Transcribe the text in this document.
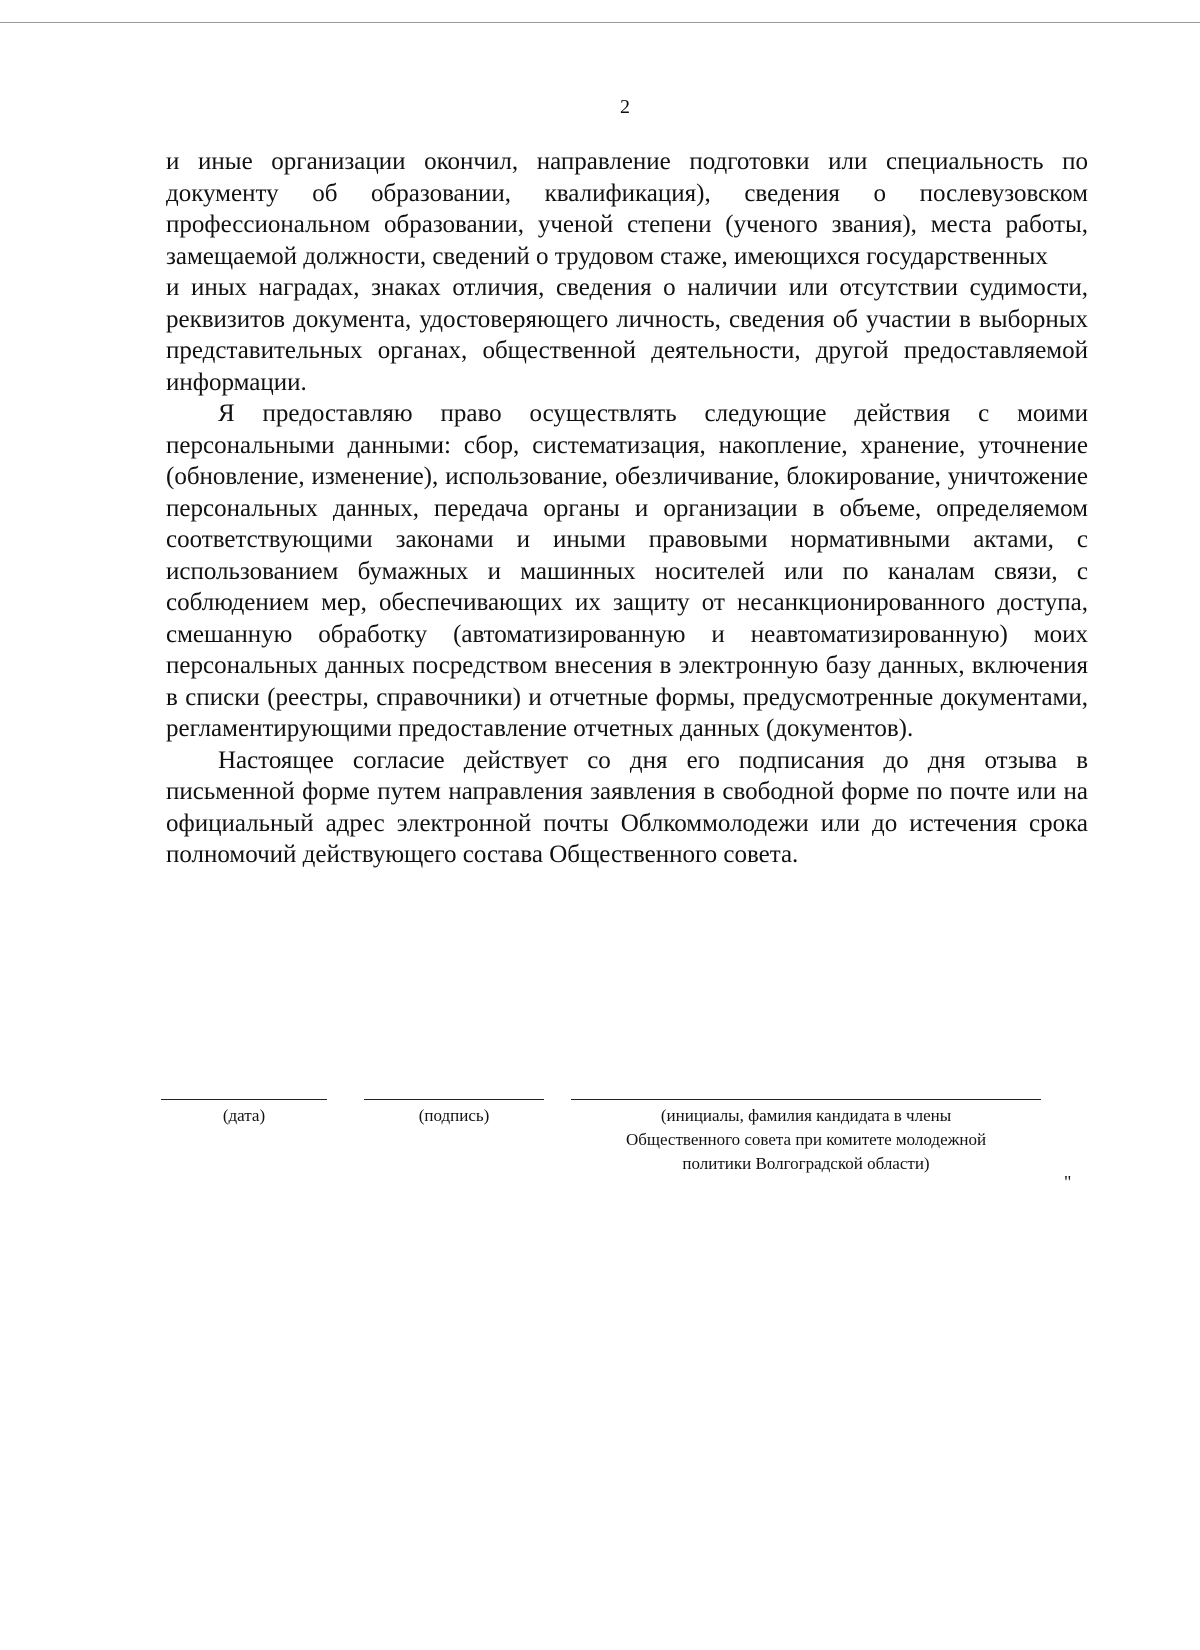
2

и иные организации окончил, направление подготовки или специальность по документу об образовании, квалификация), сведения о послевузовском профессиональном образовании, ученой степени (ученого звания), места работы, замещаемой должности, сведений о трудовом стаже, имеющихся государственных

и иных наградах, знаках отличия, сведения о наличии или отсутствии судимости, реквизитов документа, удостоверяющего личность, сведения об участии в выборных представительных органах, общественной деятельности, другой предоставляемой информации.

Я предоставляю право осуществлять следующие действия с моими персональными данными: сбор, систематизация, накопление, хранение, уточнение (обновление, изменение), использование, обезличивание, блокирование, уничтожение персональных данных, передача органы и организации в объеме, определяемом соответствующими законами и иными правовыми нормативными актами, с использованием бумажных и машинных носителей или по каналам связи, с соблюдением мер, обеспечивающих их защиту от несанкционированного доступа, смешанную обработку (автоматизированную и неавтоматизированную) моих персональных данных посредством внесения в электронную базу данных, включения в списки (реестры, справочники) и отчетные формы, предусмотренные документами, регламентирующими предоставление отчетных данных (документов).

Настоящее согласие действует со дня его подписания до дня отзыва в письменной форме путем направления заявления в свободной форме по почте или на официальный адрес электронной почты Облкоммолодежи или до истечения срока полномочий действующего состава Общественного совета.

(дата)	(подпись)	(инициалы, фамилия кандидата в члены
Общественного совета при комитете молодежной
политики Волгоградской области)
"
